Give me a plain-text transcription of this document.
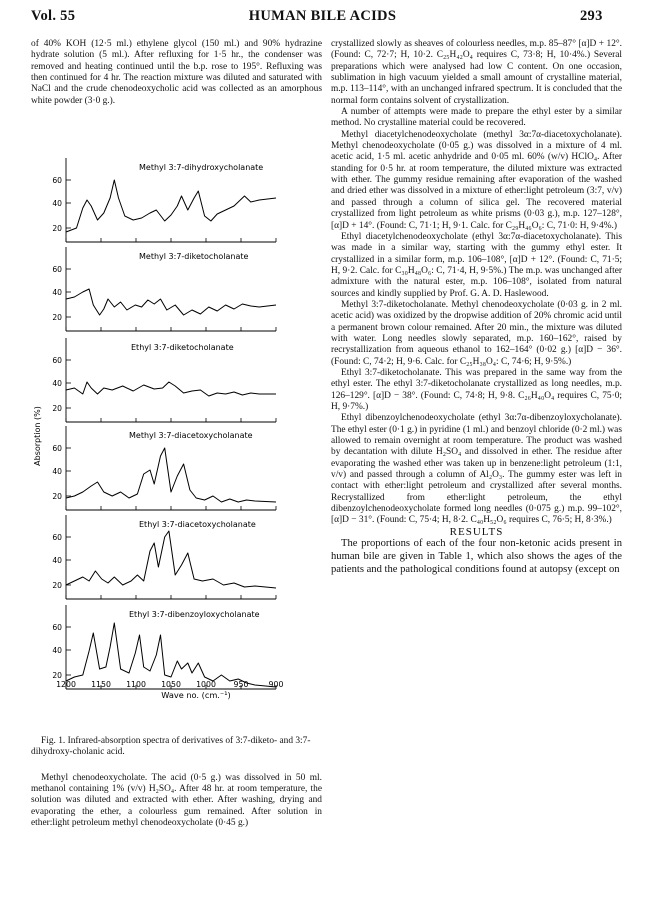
Vol. 55	HUMAN BILE ACIDS	293

of 40% KOH (12·5 ml.) ethylene glycol (150 ml.) and 90% hydrazine hydrate solution (5 ml.). After refluxing for 1·5 hr., the condenser was removed and heating continued until the b.p. rose to 195°. Refluxing was then continued for 4 hr. The reaction mixture was diluted and saturated with NaCl and the crude chenodeoxycholic acid was collected as an amorphous white powder (3·0 g.).

Absorption (%)
Wave no. (cm.⁻¹)
60
40
20
Methyl 3:7-dihydroxycholanate
60
40
20
Methyl 3:7-diketocholanate
60
40
20
Ethyl 3:7-diketocholanate
60
40
20
Methyl 3:7-diacetoxycholanate
60
40
20
Ethyl 3:7-diacetoxycholanate
60
40
20
Ethyl 3:7-dibenzoyloxycholanate
1200 1150 1100 1050 1000 950	900

Fig. 1. Infrared-absorption spectra of derivatives of 3:7-diketo- and 3:7-dihydroxy-cholanic acid.

Methyl chenodeoxycholate. The acid (0·5 g.) was dissolved in 50 ml. methanol containing 1% (v/v) H₂SO₄. After 48 hr. at room temperature, the solution was diluted and extracted with ether. After washing, drying and evaporating the ether, a colourless gum remained. After solution in ether:light petroleum methyl chenodeoxycholate (0·45 g.)

crystallized slowly as sheaves of colourless needles, m.p. 85–87° [α]D + 12°. (Found: C, 72·7; H, 10·2. C₂₅H₄₂O₄ requires C, 73·8; H, 10·4%.) Several preparations which were analysed had low C content. On one occasion, sublimation in high vacuum yielded a small amount of crystalline material, m.p. 113–114°, with an unchanged infrared spectrum. It is concluded that the normal form contains solvent of crystallization.

A number of attempts were made to prepare the ethyl ester by a similar method. No crystalline material could be recovered.

Methyl diacetylchenodeoxycholate (methyl 3α:7α-diacetoxycholanate). Methyl chenodeoxycholate (0·05 g.) was dissolved in a mixture of 4 ml. acetic acid, 1·5 ml. acetic anhydride and 0·05 ml. 60% (w/v) HClO₄. After standing for 0·5 hr. at room temperature, the diluted mixture was extracted with ether. The gummy residue remaining after evaporation of the washed and dried ether was dissolved in a mixture of ether:light petroleum (3:7, v/v) and passed through a column of silica gel. The recovered material crystallized from light petroleum as white prisms (0·03 g.), m.p. 127–128°, [α]D + 14°. (Found: C, 71·1; H, 9·1. Calc. for C₂₉H₄₆O₆: C, 71·0: H, 9·4%.)

Ethyl diacetylchenodeoxycholate (ethyl 3α:7α-diacetoxycholanate). This was made in a similar way, starting with the gummy ethyl ester. It crystallized in a similar form, m.p. 106–108°, [α]D + 12°. (Found: C, 71·5; H, 9·2. Calc. for C₃₀H₄₈O₆: C, 71·4, H, 9·5%.) The m.p. was unchanged after admixture with the natural ester, m.p. 106–108°, isolated from natural sources and kindly supplied by Prof. G. A. D. Haslewood.

Methyl 3:7-diketocholanate. Methyl chenodeoxycholate (0·03 g. in 2 ml. acetic acid) was oxidized by the dropwise addition of 20% chromic acid until a permanent brown colour remained. After 20 min., the mixture was diluted with water. Long needles slowly separated, m.p. 160–162°, raised by recrystallization from aqueous ethanol to 162–164° (0·02 g.) [α]D − 36°. (Found: C, 74·2; H, 9·6. Calc. for C₂₅H₃₈O₄: C, 74·6; H, 9·5%.)

Ethyl 3:7-diketocholanate. This was prepared in the same way from the ethyl ester. The ethyl 3:7-diketocholanate crystallized as long needles, m.p. 126–129°. [α]D − 38°. (Found: C, 74·8; H, 9·8. C₂₆H₄₀O₄ requires C, 75·0; H, 9·7%.)

Ethyl dibenzoylchenodeoxycholate (ethyl 3α:7α-dibenzoyloxycholanate). The ethyl ester (0·1 g.) in pyridine (1 ml.) and benzoyl chloride (0·2 ml.) was allowed to remain overnight at room temperature. The product was washed by decantation with dilute H₂SO₄ and dissolved in ether. The residue after evaporating the washed ether was taken up in benzene:light petroleum (1:1, v/v) and passed through a column of Al₂O₃. The gummy ester was left in contact with ether:light petroleum and crystallized after several months. Recrystallized from ether:light petroleum, the ethyl dibenzoylchenodeoxycholate formed long needles (0·075 g.) m.p. 99–102°, [α]D − 31°. (Found: C, 75·4; H, 8·2. C₄₀H₅₂O₆ requires C, 76·5; H, 8·3%.)

RESULTS

The proportions of each of the four non-ketonic acids present in human bile are given in Table 1, which also shows the ages of the patients and the pathological conditions found at autopsy (except on
